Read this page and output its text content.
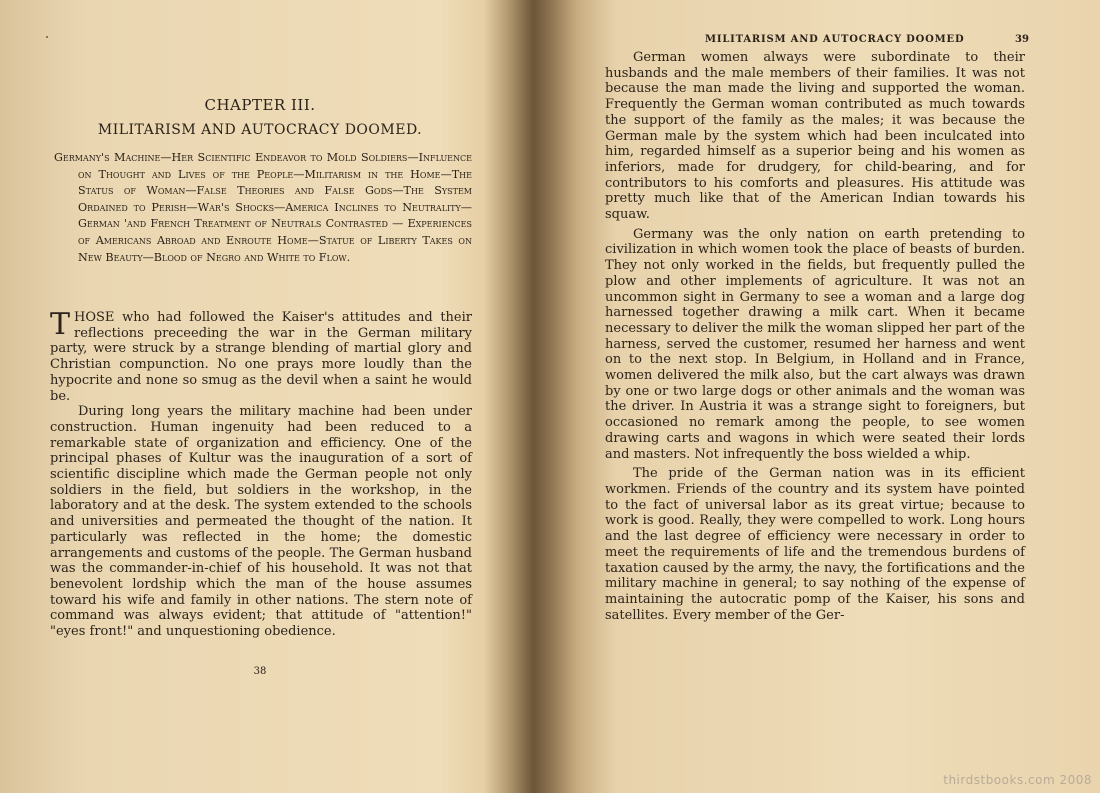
CHAPTER III.
MILITARISM AND AUTOCRACY DOOMED.
Germany's Machine—Her Scientific Endeavor to Mold Soldiers—Influence on Thought and Lives of the People—Militarism in the Home—The Status of Woman—False Theories and False Gods—The System Ordained to Perish—War's Shocks—America Inclines to Neutrality—German 'and French Treatment of Neutrals Contrasted — Experiences of Americans Abroad and Enroute Home—Statue of Liberty Takes on New Beauty—Blood of Negro and White to Flow.

THOSE who had followed the Kaiser's attitudes and their reflections preceeding the war in the German military party, were struck by a strange blending of martial glory and Christian compunction. No one prays more loudly than the hypocrite and none so smug as the devil when a saint he would be.

During long years the military machine had been under construction. Human ingenuity had been reduced to a remarkable state of organization and efficiency. One of the principal phases of Kultur was the inauguration of a sort of scientific discipline which made the German people not only soldiers in the field, but soldiers in the workshop, in the laboratory and at the desk. The system extended to the schools and universities and permeated the thought of the nation. It particularly was reflected in the home; the domestic arrangements and customs of the people. The German husband was the commander-in-chief of his household. It was not that benevolent lordship which the man of the house assumes toward his wife and family in other nations. The stern note of command was always evident; that attitude of "attention!" "eyes front!" and unquestioning obedience.

38
MILITARISM AND AUTOCRACY DOOMED	39

German women always were subordinate to their husbands and the male members of their families. It was not because the man made the living and supported the woman. Frequently the German woman contributed as much towards the support of the family as the males; it was because the German male by the system which had been inculcated into him, regarded himself as a superior being and his women as inferiors, made for drudgery, for child-bearing, and for contributors to his comforts and pleasures. His attitude was pretty much like that of the American Indian towards his squaw.

Germany was the only nation on earth pretending to civilization in which women took the place of beasts of burden. They not only worked in the fields, but frequently pulled the plow and other implements of agriculture. It was not an uncommon sight in Germany to see a woman and a large dog harnessed together drawing a milk cart. When it became necessary to deliver the milk the woman slipped her part of the harness, served the customer, resumed her harness and went on to the next stop. In Belgium, in Holland and in France, women delivered the milk also, but the cart always was drawn by one or two large dogs or other animals and the woman was the driver. In Austria it was a strange sight to foreigners, but occasioned no remark among the people, to see women drawing carts and wagons in which were seated their lords and masters. Not infrequently the boss wielded a whip.

The pride of the German nation was in its efficient workmen. Friends of the country and its system have pointed to the fact of universal labor as its great virtue; because to work is good. Really, they were compelled to work. Long hours and the last degree of efficiency were necessary in order to meet the requirements of life and the tremendous burdens of taxation caused by the army, the navy, the fortifications and the military machine in general; to say nothing of the expense of maintaining the autocratic pomp of the Kaiser, his sons and satellites. Every member of the Ger-

thirdstbooks.com 2008
